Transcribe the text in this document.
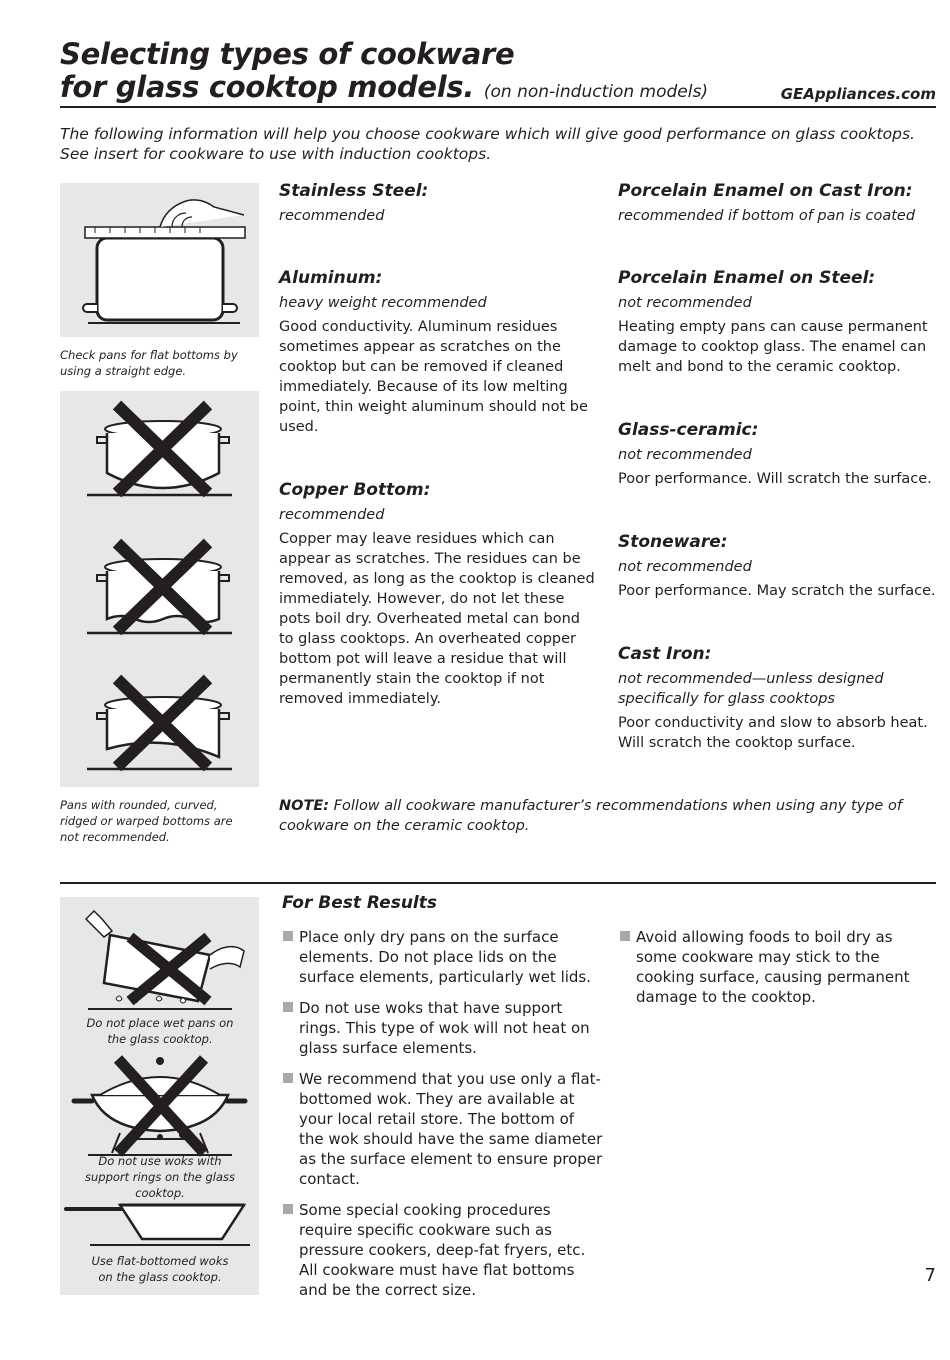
Selecting types of cookware
for glass cooktop models. (on non-induction models)	GEAppliances.com
The following information will help you choose cookware which will give good performance on glass cooktops. See insert for cookware to use with induction cooktops.
Check pans for flat bottoms by using a straight edge.
Pans with rounded, curved, ridged or warped bottoms are not recommended.
Stainless Steel:
recommended
Aluminum:
heavy weight recommended
Good conductivity. Aluminum residues sometimes appear as scratches on the cooktop but can be removed if cleaned immediately. Because of its low melting point, thin weight aluminum should not be used.
Copper Bottom:
recommended
Copper may leave residues which can appear as scratches. The residues can be removed, as long as the cooktop is cleaned immediately. However, do not let these pots boil dry. Overheated metal can bond to glass cooktops. An overheated copper bottom pot will leave a residue that will permanently stain the cooktop if not removed immediately.
Porcelain Enamel on Cast Iron:
recommended if bottom of pan is coated
Porcelain Enamel on Steel:
not recommended
Heating empty pans can cause permanent damage to cooktop glass. The enamel can melt and bond to the ceramic cooktop.
Glass-ceramic:
not recommended
Poor performance. Will scratch the surface.
Stoneware:
not recommended
Poor performance. May scratch the surface.
Cast Iron:
not recommended—unless designed specifically for glass cooktops
Poor conductivity and slow to absorb heat. Will scratch the cooktop surface.
NOTE: Follow all cookware manufacturer’s recommendations when using any type of cookware on the ceramic cooktop.
Do not place wet pans on the glass cooktop.
Do not use woks with support rings on the glass cooktop.
Use flat-bottomed woks on the glass cooktop.
For Best Results
Place only dry pans on the surface elements. Do not place lids on the surface elements, particularly wet lids.
Do not use woks that have support rings. This type of wok will not heat on glass surface elements.
We recommend that you use only a flat-bottomed wok. They are available at your local retail store. The bottom of the wok should have the same diameter as the surface element to ensure proper contact.
Some special cooking procedures require specific cookware such as pressure cookers, deep-fat fryers, etc. All cookware must have flat bottoms and be the correct size.
Avoid allowing foods to boil dry as some cookware may stick to the cooking surface, causing permanent damage to the cooktop.
7
